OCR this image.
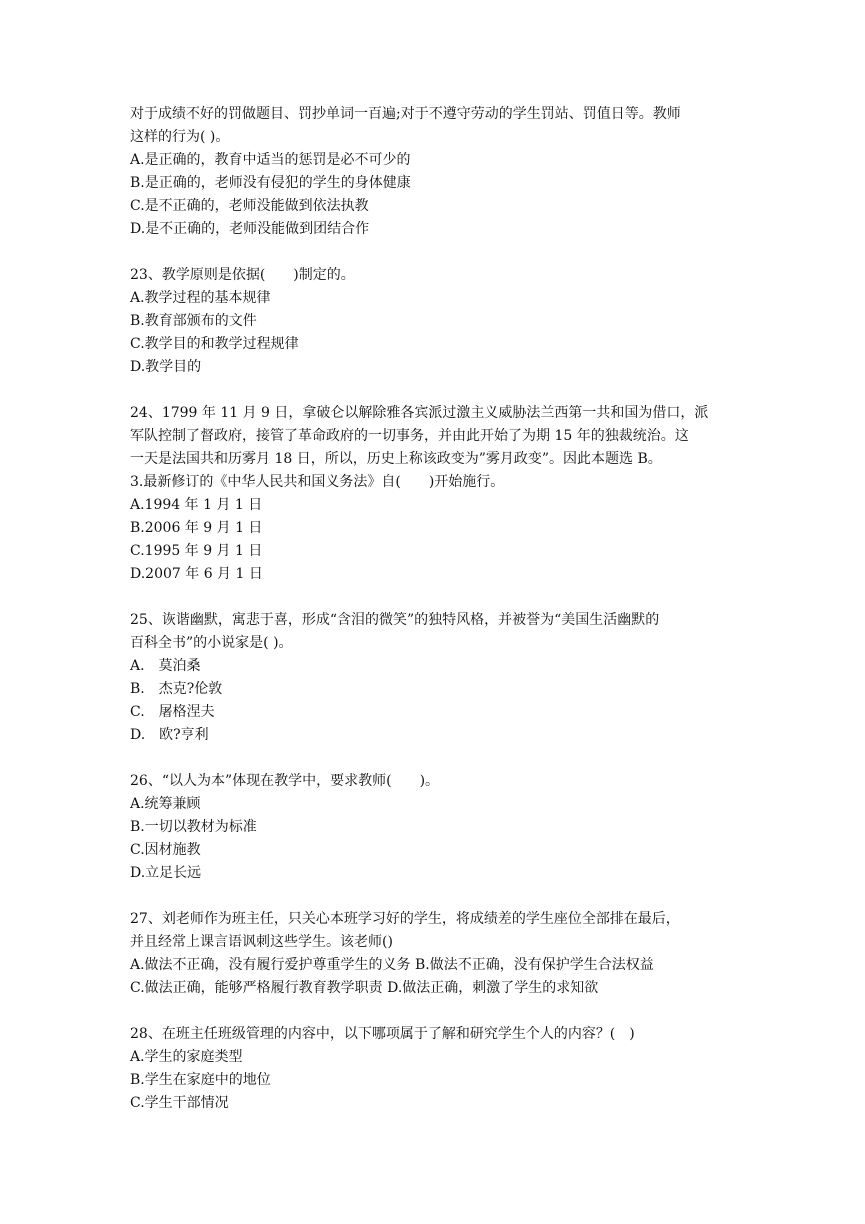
对于成绩不好的罚做题目、罚抄单词一百遍;对于不遵守劳动的学生罚站、罚值日等。教师
这样的行为( )。
A.是正确的，教育中适当的惩罚是必不可少的
B.是正确的，老师没有侵犯的学生的身体健康
C.是不正确的，老师没能做到依法执教
D.是不正确的，老师没能做到团结合作
23、教学原则是依据(　　)制定的。
A.教学过程的基本规律
B.教育部颁布的文件
C.教学目的和教学过程规律
D.教学目的
24、1799 年 11 月 9 日，拿破仑以解除雅各宾派过激主义威胁法兰西第一共和国为借口，派
军队控制了督政府，接管了革命政府的一切事务，并由此开始了为期 15 年的独裁统治。这
一天是法国共和历雾月 18 日，所以，历史上称该政变为”雾月政变”。因此本题选 B。
3.最新修订的《中华人民共和国义务法》自(　　)开始施行。
A.1994 年 1 月 1 日
B.2006 年 9 月 1 日
C.1995 年 9 月 1 日
D.2007 年 6 月 1 日
25、诙谐幽默，寓悲于喜，形成“含泪的微笑”的独特风格，并被誉为“美国生活幽默的
百科全书”的小说家是( )。
A.　莫泊桑
B.　杰克?伦敦
C.　屠格涅夫
D.　欧?亨利
26、“以人为本”体现在教学中，要求教师(　　)。
A.统筹兼顾
B.一切以教材为标准
C.因材施教
D.立足长远
27、刘老师作为班主任，只关心本班学习好的学生，将成绩差的学生座位全部排在最后，
并且经常上课言语讽刺这些学生。该老师()
A.做法不正确，没有履行爱护尊重学生的义务 B.做法不正确，没有保护学生合法权益
C.做法正确，能够严格履行教育教学职责 D.做法正确，刺激了学生的求知欲
28、在班主任班级管理的内容中，以下哪项属于了解和研究学生个人的内容？(　)
A.学生的家庭类型
B.学生在家庭中的地位
C.学生干部情况
